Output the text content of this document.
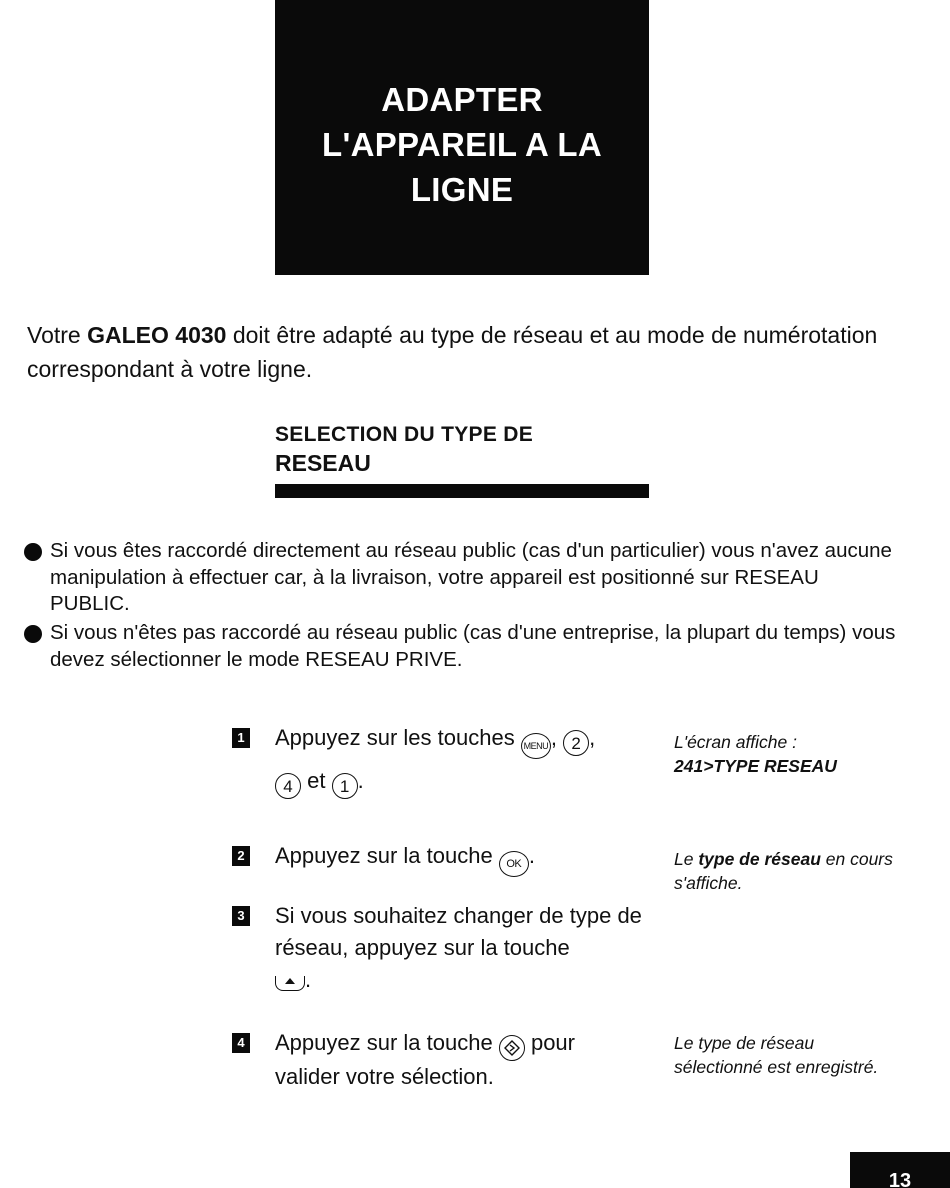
ADAPTER
L'APPAREIL A LA
LIGNE
Votre GALEO 4030 doit être adapté au type de réseau et au mode de numérotation correspondant à votre ligne.
SELECTION DU TYPE DE
RESEAU
Si vous êtes raccordé directement au réseau public (cas d'un particulier) vous n'avez aucune manipulation à effectuer car, à la livraison, votre appareil est positionné sur RESEAU PUBLIC.
Si vous n'êtes pas raccordé au réseau public (cas d'une entreprise, la plupart du temps) vous devez sélectionner le mode RESEAU PRIVE.
1 Appuyez sur les touches MENU , 2 ,
4 et 1 .
2 Appuyez sur la touche OK .
3 Si vous souhaitez changer de type de réseau, appuyez sur la touche
.
4 Appuyez sur la touche pour
valider votre sélection.
L'écran affiche :
241>TYPE RESEAU
Le type de réseau en cours s'affiche.
Le type de réseau sélectionné est enregistré.
13
